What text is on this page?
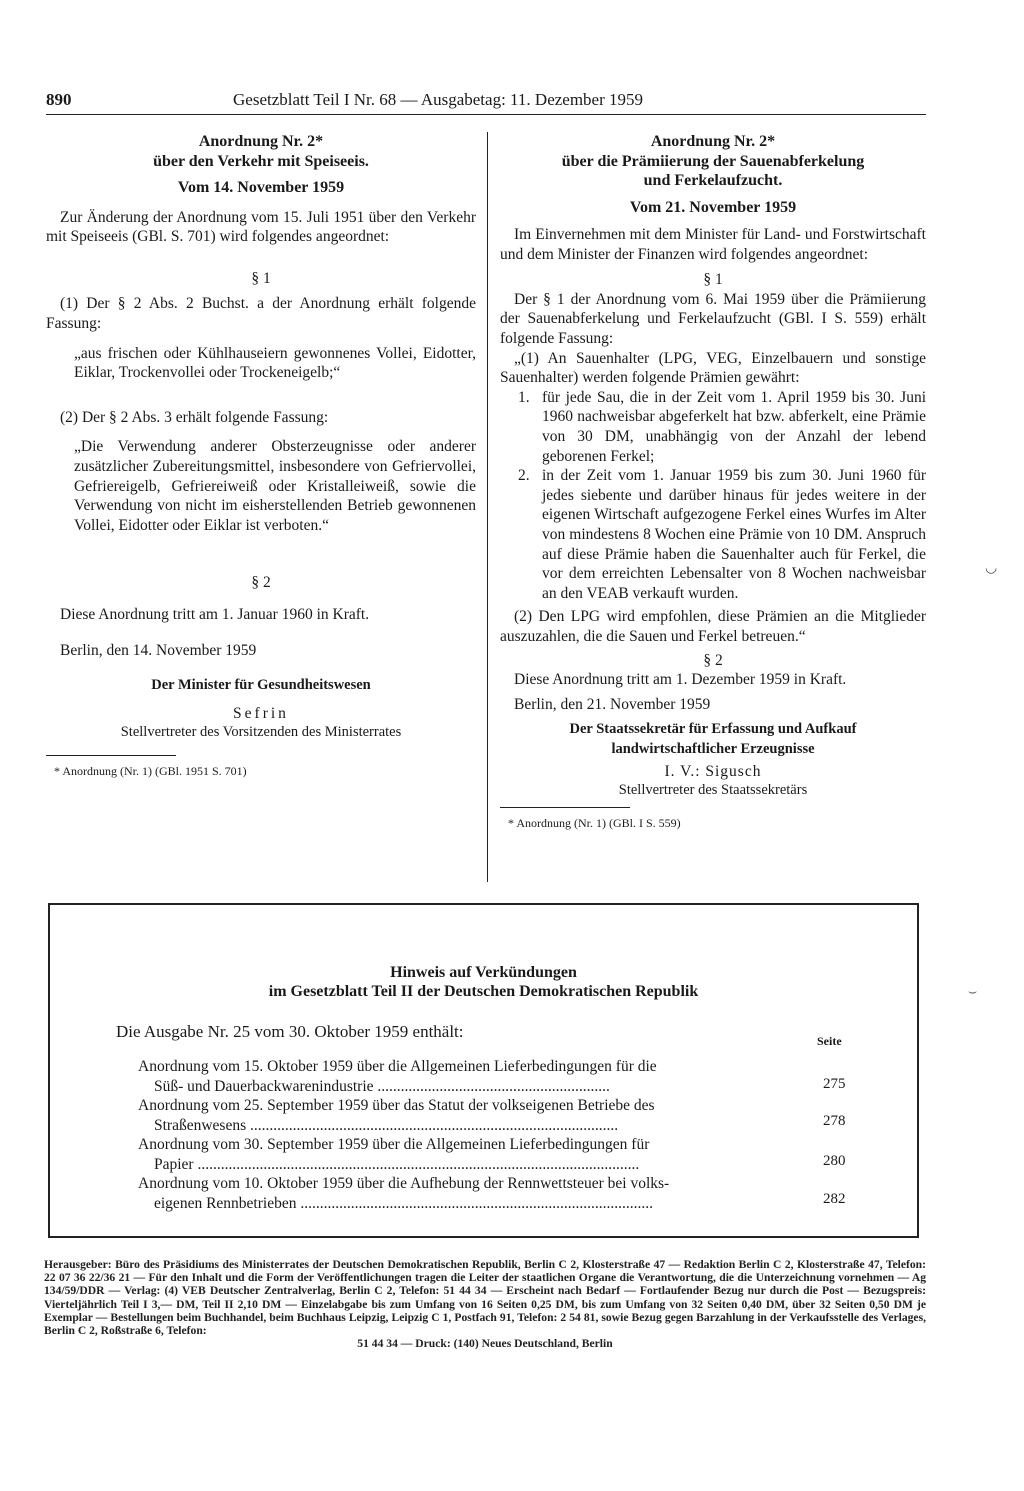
890	Gesetzblatt Teil I Nr. 68 — Ausgabetag: 11. Dezember 1959
Anordnung Nr. 2*
über den Verkehr mit Speiseeis.
Vom 14. November 1959

Zur Änderung der Anordnung vom 15. Juli 1951 über den Verkehr mit Speiseeis (GBl. S. 701) wird folgendes angeordnet:

§ 1

(1) Der § 2 Abs. 2 Buchst. a der Anordnung erhält folgende Fassung:

„aus frischen oder Kühlhauseiern gewonnenes Vollei, Eidotter, Eiklar, Trockenvollei oder Trockeneigelb;“

(2) Der § 2 Abs. 3 erhält folgende Fassung:

„Die Verwendung anderer Obsterzeugnisse oder anderer zusätzlicher Zubereitungsmittel, insbesondere von Gefriervollei, Gefriereigelb, Gefriereiweiß oder Kristalleiweiß, sowie die Verwendung von nicht im eisherstellenden Betrieb gewonnenen Vollei, Eidotter oder Eiklar ist verboten.“

§ 2

Diese Anordnung tritt am 1. Januar 1960 in Kraft.

Berlin, den 14. November 1959

Der Minister für Gesundheitswesen
Sefrin
Stellvertreter des Vorsitzenden des Ministerrates
* Anordnung (Nr. 1) (GBl. 1951 S. 701)
Anordnung Nr. 2*
über die Prämiierung der Sauenabferkelung
und Ferkelaufzucht.
Vom 21. November 1959

Im Einvernehmen mit dem Minister für Land- und Forstwirtschaft und dem Minister der Finanzen wird folgendes angeordnet:

§ 1

Der § 1 der Anordnung vom 6. Mai 1959 über die Prämiierung der Sauenabferkelung und Ferkelaufzucht (GBl. I S. 559) erhält folgende Fassung:

„(1) An Sauenhalter (LPG, VEG, Einzelbauern und sonstige Sauenhalter) werden folgende Prämien gewährt:

1. für jede Sau, die in der Zeit vom 1. April 1959 bis 30. Juni 1960 nachweisbar abgeferkelt hat bzw. abferkelt, eine Prämie von 30 DM, unabhängig von der Anzahl der lebend geborenen Ferkel;
2. in der Zeit vom 1. Januar 1959 bis zum 30. Juni 1960 für jedes siebente und darüber hinaus für jedes weitere in der eigenen Wirtschaft aufgezogene Ferkel eines Wurfes im Alter von mindestens 8 Wochen eine Prämie von 10 DM. Anspruch auf diese Prämie haben die Sauenhalter auch für Ferkel, die vor dem erreichten Lebensalter von 8 Wochen nachweisbar an den VEAB verkauft wurden.

(2) Den LPG wird empfohlen, diese Prämien an die Mitglieder auszuzahlen, die die Sauen und Ferkel betreuen.“

§ 2

Diese Anordnung tritt am 1. Dezember 1959 in Kraft.

Berlin, den 21. November 1959

Der Staatssekretär für Erfassung und Aufkauf
landwirtschaftlicher Erzeugnisse
I. V.: Sigusch
Stellvertreter des Staatssekretärs
* Anordnung (Nr. 1) (GBl. I S. 559)
Hinweis auf Verkündungen
im Gesetzblatt Teil II der Deutschen Demokratischen Republik
Die Ausgabe Nr. 25 vom 30. Oktober 1959 enthält:	Seite
Anordnung vom 15. Oktober 1959 über die Allgemeinen Lieferbedingungen für die
Süß- und Dauerbackwarenindustrie ............................................................	275
Anordnung vom 25. September 1959 über das Statut der volkseigenen Betriebe des
Straßenwesens ...............................................................................................	278
Anordnung vom 30. September 1959 über die Allgemeinen Lieferbedingungen für
Papier ..................................................................................................................	280
Anordnung vom 10. Oktober 1959 über die Aufhebung der Rennwettsteuer bei volks-
eigenen Rennbetrieben ...........................................................................................	282
Herausgeber: Büro des Präsidiums des Ministerrates der Deutschen Demokratischen Republik, Berlin C 2, Klosterstraße 47 — Redaktion Berlin C 2, Klosterstraße 47, Telefon: 22 07 36 22/36 21 — Für den Inhalt und die Form der Veröffentlichungen tragen die Leiter der staatlichen Organe die Verantwortung, die die Unterzeichnung vornehmen — Ag 134/59/DDR — Verlag: (4) VEB Deutscher Zentralverlag, Berlin C 2, Telefon: 51 44 34 — Erscheint nach Bedarf — Fortlaufender Bezug nur durch die Post — Bezugspreis: Vierteljährlich Teil I 3,— DM, Teil II 2,10 DM — Einzelabgabe bis zum Umfang von 16 Seiten 0,25 DM, bis zum Umfang von 32 Seiten 0,40 DM, über 32 Seiten 0,50 DM je Exemplar — Bestellungen beim Buchhandel, beim Buchhaus Leipzig, Leipzig C 1, Postfach 91, Telefon: 2 54 81, sowie Bezug gegen Barzahlung in der Verkaufsstelle des Verlages, Berlin C 2, Roßstraße 6, Telefon:
51 44 34 — Druck: (140) Neues Deutschland, Berlin
◡
⌣
